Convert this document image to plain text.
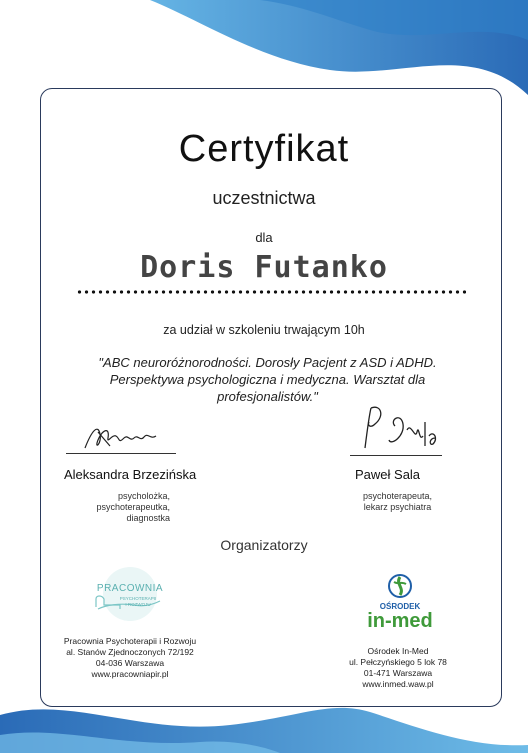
Certyfikat
uczestnictwa
dla
Doris Futanko
za udział w szkoleniu trwającym 10h
"ABC neuroróżnorodności. Dorosły Pacjent z ASD i ADHD. Perspektywa psychologiczna i medyczna. Warsztat dla profesjonalistów."
Aleksandra Brzezińska
psycholożka,
psychoterapeutka,
diagnostka
Paweł Sala
psychoterapeuta,
lekarz psychiatra
Organizatorzy
PRACOWNIA
PSYCHOTERAPII
I ROZWOJU
Pracownia Psychoterapii i Rozwoju
al. Stanów Zjednoczonych 72/192
04-036 Warszawa
www.pracowniapir.pl
OŚRODEK
in-med
Ośrodek In-Med
ul. Pełczyńskiego 5 lok 78
01-471 Warszawa
www.inmed.waw.pl
